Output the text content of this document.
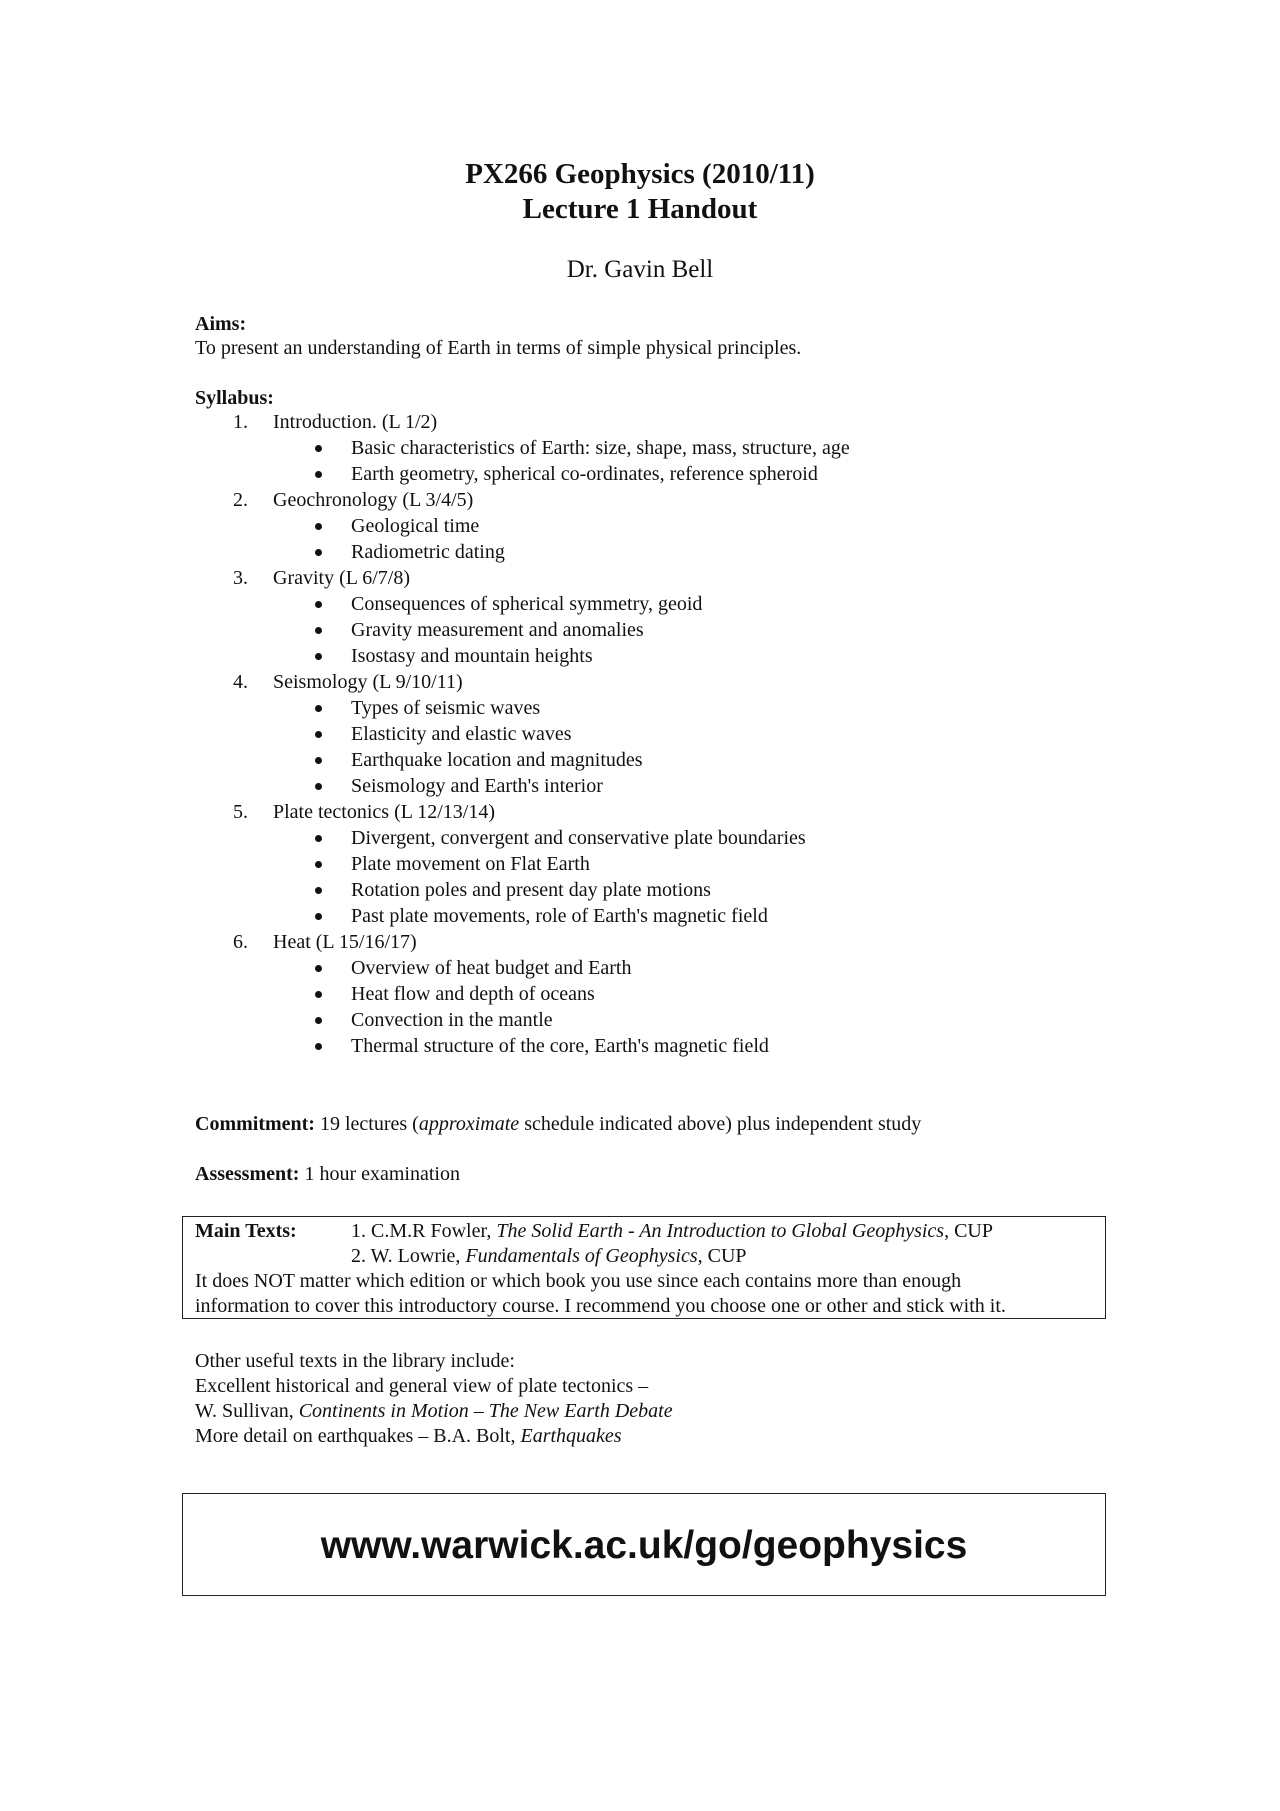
PX266 Geophysics (2010/11)
Lecture 1 Handout
Dr. Gavin Bell
Aims:
To present an understanding of Earth in terms of simple physical principles.
Syllabus:
1. Introduction. (L 1/2)
Basic characteristics of Earth: size, shape, mass, structure, age
Earth geometry, spherical co-ordinates, reference spheroid
2. Geochronology (L 3/4/5)
Geological time
Radiometric dating
3. Gravity (L 6/7/8)
Consequences of spherical symmetry, geoid
Gravity measurement and anomalies
Isostasy and mountain heights
4. Seismology (L 9/10/11)
Types of seismic waves
Elasticity and elastic waves
Earthquake location and magnitudes
Seismology and Earth's interior
5. Plate tectonics (L 12/13/14)
Divergent, convergent and conservative plate boundaries
Plate movement on Flat Earth
Rotation poles and present day plate motions
Past plate movements, role of Earth's magnetic field
6. Heat (L 15/16/17)
Overview of heat budget and Earth
Heat flow and depth of oceans
Convection in the mantle
Thermal structure of the core, Earth's magnetic field
Commitment: 19 lectures (approximate schedule indicated above) plus independent study
Assessment: 1 hour examination
Main Texts:	1. C.M.R Fowler, The Solid Earth - An Introduction to Global Geophysics, CUP
2. W. Lowrie, Fundamentals of Geophysics, CUP
It does NOT matter which edition or which book you use since each contains more than enough
information to cover this introductory course. I recommend you choose one or other and stick with it.
Other useful texts in the library include:
Excellent historical and general view of plate tectonics –
W. Sullivan, Continents in Motion – The New Earth Debate
More detail on earthquakes – B.A. Bolt, Earthquakes
www.warwick.ac.uk/go/geophysics
